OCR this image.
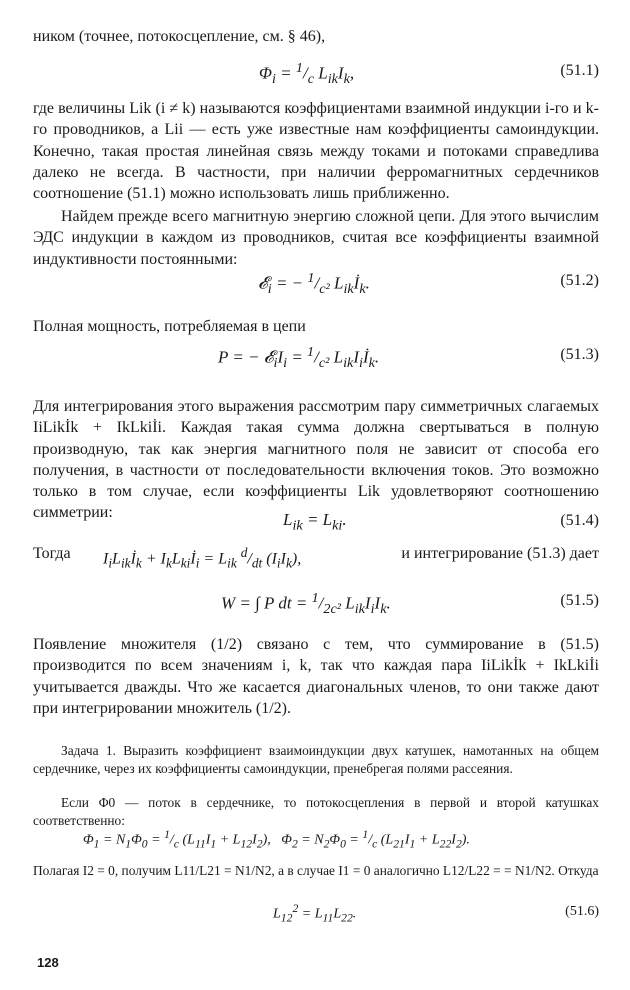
ником (точнее, потокосцепление, см. § 46),

$\Phi_i = ^1/_c$ $L_{ik}I_k$,	(51.1)

где величины Lik (i ≠ k) называются коэффициентами взаимной индукции i-го и k-го проводников, а Lii — есть уже известные нам коэффициенты самоиндукции. Конечно, такая простая линейная связь между токами и потоками справедлива далеко не всегда. В частности, при наличии ферромагнитных сердечников соотношение (51.1) можно использовать лишь приближенно.

Найдем прежде всего магнитную энергию сложной цепи. Для этого вычислим ЭДС индукции в каждом из проводников, считая все коэффициенты взаимной индуктивности постоянными:

𝓔$_i$ = − $^1/_{c^2}$ $L_{ik}İ_k$.	(51.2)

Полная мощность, потребляемая в цепи

P = − $𝓔_iI_i = ^1/_{c^2}$ $L_{ik}I_iİ_k$.	(51.3)

Для интегрирования этого выражения рассмотрим пару симметричных слагаемых IiLikİk + IkLkiİi. Каждая такая сумма должна свертываться в полную производную, так как энергия магнитного поля не зависит от способа его получения, в частности от последовательности включения токов. Это возможно только в том случае, если коэффициенты Lik удовлетворяют соотношению симметрии:	$L_{ik} = L_{ki}$.	(51.4)
Тогда $I_iL_{ik}İ_k$ + $I_kL_{ki}İ_i = L_{ik}$ $^d/_{dt}$ $(I_iI_k)$,	и интегрирование (51.3) дает
W = ∫ P dt = $^1/_{2c^2}$ $L_{ik}I_iI_k$.	(51.5)

Появление множителя (1/2) связано с тем, что суммирование в (51.5) производится по всем значениям i, k, так что каждая пара IiLikİk + IkLkiİi учитывается дважды. Что же касается диагональных членов, то они также дают при интегрировании множитель (1/2).

Задача 1. Выразить коэффициент взаимоиндукции двух катушек, намотанных на общем сердечнике, через их коэффициенты самоиндукции, пренебрегая полями рассеяния.

Если Φ0 — поток в сердечнике, то потокосцепления в первой и второй катушках соответственно:

$\Phi_1 = N_1\Phi_0 = ^1/_c$ $(L_{11}I_1 + L_{12}I_2)$,   $\Phi_2 = N_2\Phi_0 = ^1/_c$ $(L_{21}I_1 + L_{22}I_2)$.

Полагая I2 = 0, получим L11/L21 = N1/N2, а в случае I1 = 0 аналогично L12/L22 = = N1/N2. Откуда

$L_{12}^2 = L_{11}L_{22}$.	(51.6)
128
